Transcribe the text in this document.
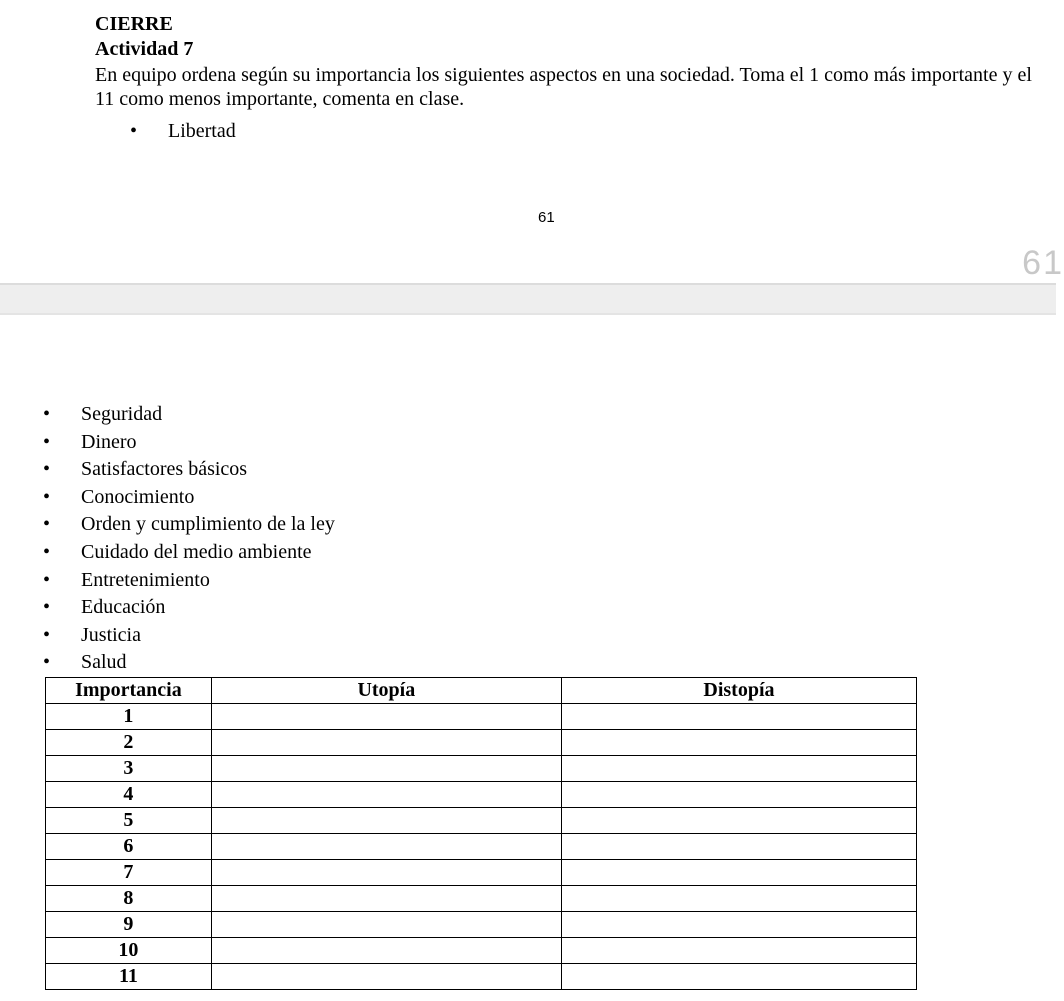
CIERRE
Actividad 7
En equipo ordena según su importancia los siguientes aspectos en una sociedad. Toma el 1 como más importante y el 11 como menos importante, comenta en clase.
• Libertad
61
61
• Seguridad
• Dinero
• Satisfactores básicos
• Conocimiento
• Orden y cumplimiento de la ley
• Cuidado del medio ambiente
• Entretenimiento
• Educación
• Justicia
• Salud
Importancia	Utopía	Distopía
1		
2		
3		
4		
5		
6		
7		
8		
9		
10		
11		
